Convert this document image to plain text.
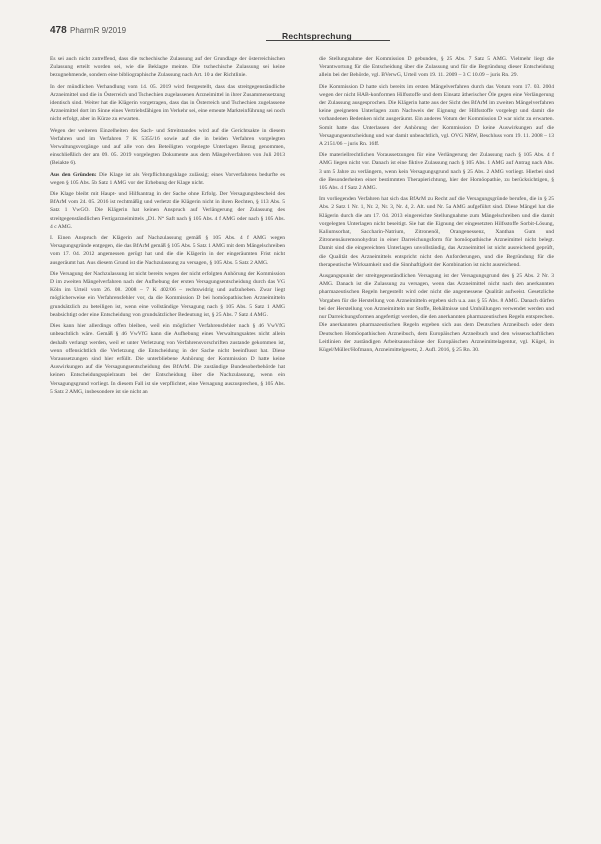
478 PharmR 9/2019
Rechtsprechung

Es sei auch nicht zutreffend, dass die tschechische Zulassung auf der Grundlage der österreichischen Zulassung erteilt worden sei, wie die Beklagte meinte. Die tschechische Zulassung sei keine bezugnehmende, sondern eine bibliographische Zulassung nach Art. 10 a der Richtlinie.

In der mündlichen Verhandlung vom 14. 05. 2019 wird festgestellt, dass das streitgegenständliche Arzneimittel und die in Österreich und Tschechien zugelassenen Arzneimittel in ihrer Zusammensetzung identisch sind. Weiter hat die Klägerin vorgetragen, dass das in Österreich und Tschechien zugelassene Arzneimittel dort im Sinne eines Vertriebsfähigen im Verkehr sei, eine erneute Markteinführung sei noch nicht erfolgt, aber in Kürze zu erwarten.

Wegen der weiteren Einzelheiten des Sach- und Streitstandes wird auf die Gerichtsakte in diesem Verfahren und im Verfahren 7 K 5355/16 sowie auf die in beiden Verfahren vorgelegten Verwaltungsvorgänge und auf alle von den Beteiligten vorgelegte Unterlagen Bezug genommen, einschließlich der am 09. 05. 2019 vorgelegten Dokumente aus dem Mängelverfahren von Juli 2013 (Beiakte 6).

Aus den Gründen: Die Klage ist als Verpflichtungsklage zulässig; eines Vorverfahrens bedurfte es wegen § 105 Abs. 5b Satz 1 AMG vor der Erhebung der Klage nicht.

Die Klage bleibt mit Haupt- und Hilfsantrag in der Sache ohne Erfolg. Der Versagungsbescheid des BfArM vom 24. 05. 2016 ist rechtmäßig und verletzt die Klägerin nicht in ihren Rechten, § 113 Abs. 5 Satz 1 VwGO. Die Klägerin hat keinen Anspruch auf Verlängerung der Zulassung des streitgegenständlichen Fertigarzneimittels „D1. N“ Saft nach § 105 Abs. 4 f AMG oder nach § 105 Abs. 4 c AMG.

I. Einen Anspruch der Klägerin auf Nachzulassung gemäß § 105 Abs. 4 f AMG wegen Versagungsgründe entgegen, die das BfArM gemäß § 105 Abs. 5 Satz 1 AMG mit dem Mängelschreiben vom 17. 04. 2012 angemessen gerügt hat und die die Klägerin in der eingeräumten Frist nicht ausgeräumt hat. Aus diesem Grund ist die Nachzulassung zu versagen, § 105 Abs. 5 Satz 2 AMG.

Die Versagung der Nachzulassung ist nicht bereits wegen der nicht erfolgten Anhörung der Kommission D im zweiten Mängelverfahren nach der Aufhebung der ersten Versagungsentscheidung durch das VG Köln im Urteil vom 26. 08. 2008 – 7 K 402/06 – rechtswidrig und aufzuheben. Zwar liegt möglicherweise ein Verfahrensfehler vor, da die Kommission D bei homöopathischen Arzneimitteln grundsätzlich zu beteiligen ist, wenn eine vollständige Versagung nach § 105 Abs. 5 Satz 1 AMG beabsichtigt oder eine Entscheidung von grundsätzlicher Bedeutung ist, § 25 Abs. 7 Satz 4 AMG.

Dies kann hier allerdings offen bleiben, weil ein möglicher Verfahrensfehler nach § 46 VwVfG unbeachtlich wäre. Gemäß § 46 VwVfG kann die Aufhebung eines Verwaltungsaktes nicht allein deshalb verlangt werden, weil er unter Verletzung von Verfahrensvorschriften zustande gekommen ist, wenn offensichtlich die Verletzung die Entscheidung in der Sache nicht beeinflusst hat. Diese Voraussetzungen sind hier erfüllt. Die unterbliebene Anhörung der Kommission D hatte keine Auswirkungen auf die Versagungsentscheidung des BfArM. Die zuständige Bundesoberbehörde hat keinen Entscheidungsspielraum bei der Entscheidung über die Nachzulassung, wenn ein Versagungsgrund vorliegt. In diesem Fall ist sie verpflichtet, eine Versagung auszusprechen, § 105 Abs. 5 Satz 2 AMG, insbesondere ist sie nicht an

die Stellungnahme der Kommission D gebunden, § 25 Abs. 7 Satz 5 AMG. Vielmehr liegt die Verantwortung für die Entscheidung über die Zulassung und für die Begründung dieser Entscheidung allein bei der Behörde, vgl. BVerwG, Urteil vom 19. 11. 2009 – 3 C 10.09 – juris Rn. 29.

Die Kommission D hatte sich bereits im ersten Mängelverfahren durch das Votum vom 17. 03. 2004 wegen der nicht HAB-konformen Hilfsstoffe und dem Einsatz ätherischer Öle gegen eine Verlängerung der Zulassung ausgesprochen. Die Klägerin hatte aus der Sicht des BfArM im zweiten Mängelverfahren keine geeigneten Unterlagen zum Nachweis der Eignung der Hilfsstoffe vorgelegt und damit die vorhandenen Bedenken nicht ausgeräumt. Ein anderes Votum der Kommission D war nicht zu erwarten. Somit hatte das Unterlassen der Anhörung der Kommission D keine Auswirkungen auf die Versagungsentscheidung und war damit unbeachtlich, vgl. OVG NRW, Beschluss vom 19. 11. 2008 – 13 A 2151/06 – juris Rn. 16ff.

Die materiellrechtlichen Voraussetzungen für eine Verlängerung der Zulassung nach § 105 Abs. 4 f AMG liegen nicht vor. Danach ist eine fiktive Zulassung nach § 105 Abs. 1 AMG auf Antrag nach Abs. 3 um 5 Jahre zu verlängern, wenn kein Versagungsgrund nach § 25 Abs. 2 AMG vorliegt. Hierbei sind die Besonderheiten einer bestimmten Therapierichtung, hier der Homöopathie, zu berücksichtigen, § 105 Abs. 4 f Satz 2 AMG.

Im vorliegenden Verfahren hat sich das BfArM zu Recht auf die Versagungsgründe berufen, die in § 25 Abs. 2 Satz 1 Nr. 1, Nr. 2, Nr. 3, Nr. 4, 2. Alt. und Nr. 5a AMG aufgeführt sind. Diese Mängel hat die Klägerin durch die am 17. 04. 2013 eingereichte Stellungnahme zum Mängelschreiben und die damit vorgelegten Unterlagen nicht beseitigt. Sie hat die Eignung der eingesetzten Hilfsstoffe Sorbit-Lösung, Kaliumsorbat, Saccharin-Natrium, Zitronenöl, Orangenessenz, Xanthan Gum und Zitronensäuremonohydrat in einer Darreichungsform für homöopathische Arzneimittel nicht belegt. Damit sind die eingereichten Unterlagen unvollständig, das Arzneimittel ist nicht ausreichend geprüft, die Qualität des Arzneimittels entspricht nicht den Anforderungen, und die Begründung für die therapeutische Wirksamkeit und die Sinnhaftigkeit der Kombination ist nicht ausreichend.

Ausgangspunkt der streitgegenständlichen Versagung ist der Versagungsgrund des § 25 Abs. 2 Nr. 3 AMG. Danach ist die Zulassung zu versagen, wenn das Arzneimittel nicht nach den anerkannten pharmazeutischen Regeln hergestellt wird oder nicht die angemessene Qualität aufweist. Gesetzliche Vorgaben für die Herstellung von Arzneimitteln ergeben sich u.a. aus § 55 Abs. 8 AMG. Danach dürfen bei der Herstellung von Arzneimitteln nur Stoffe, Behältnisse und Umhüllungen verwendet werden und nur Darreichungsformen angefertigt werden, die den anerkannten pharmazeutischen Regeln entsprechen. Die anerkannten pharmazeutischen Regeln ergeben sich aus dem Deutschen Arzneibuch oder dem Deutschen Homöopathischen Arzneibuch, dem Europäischen Arzneibuch und den wissenschaftlichen Leitlinien der zuständigen Arbeitsausschüsse der Europäischen Arzneimittelagentur, vgl. Kügel, in Kügel/Müller/Hofmann, Arzneimittelgesetz, 2. Aufl. 2016, § 25 Rn. 30.
